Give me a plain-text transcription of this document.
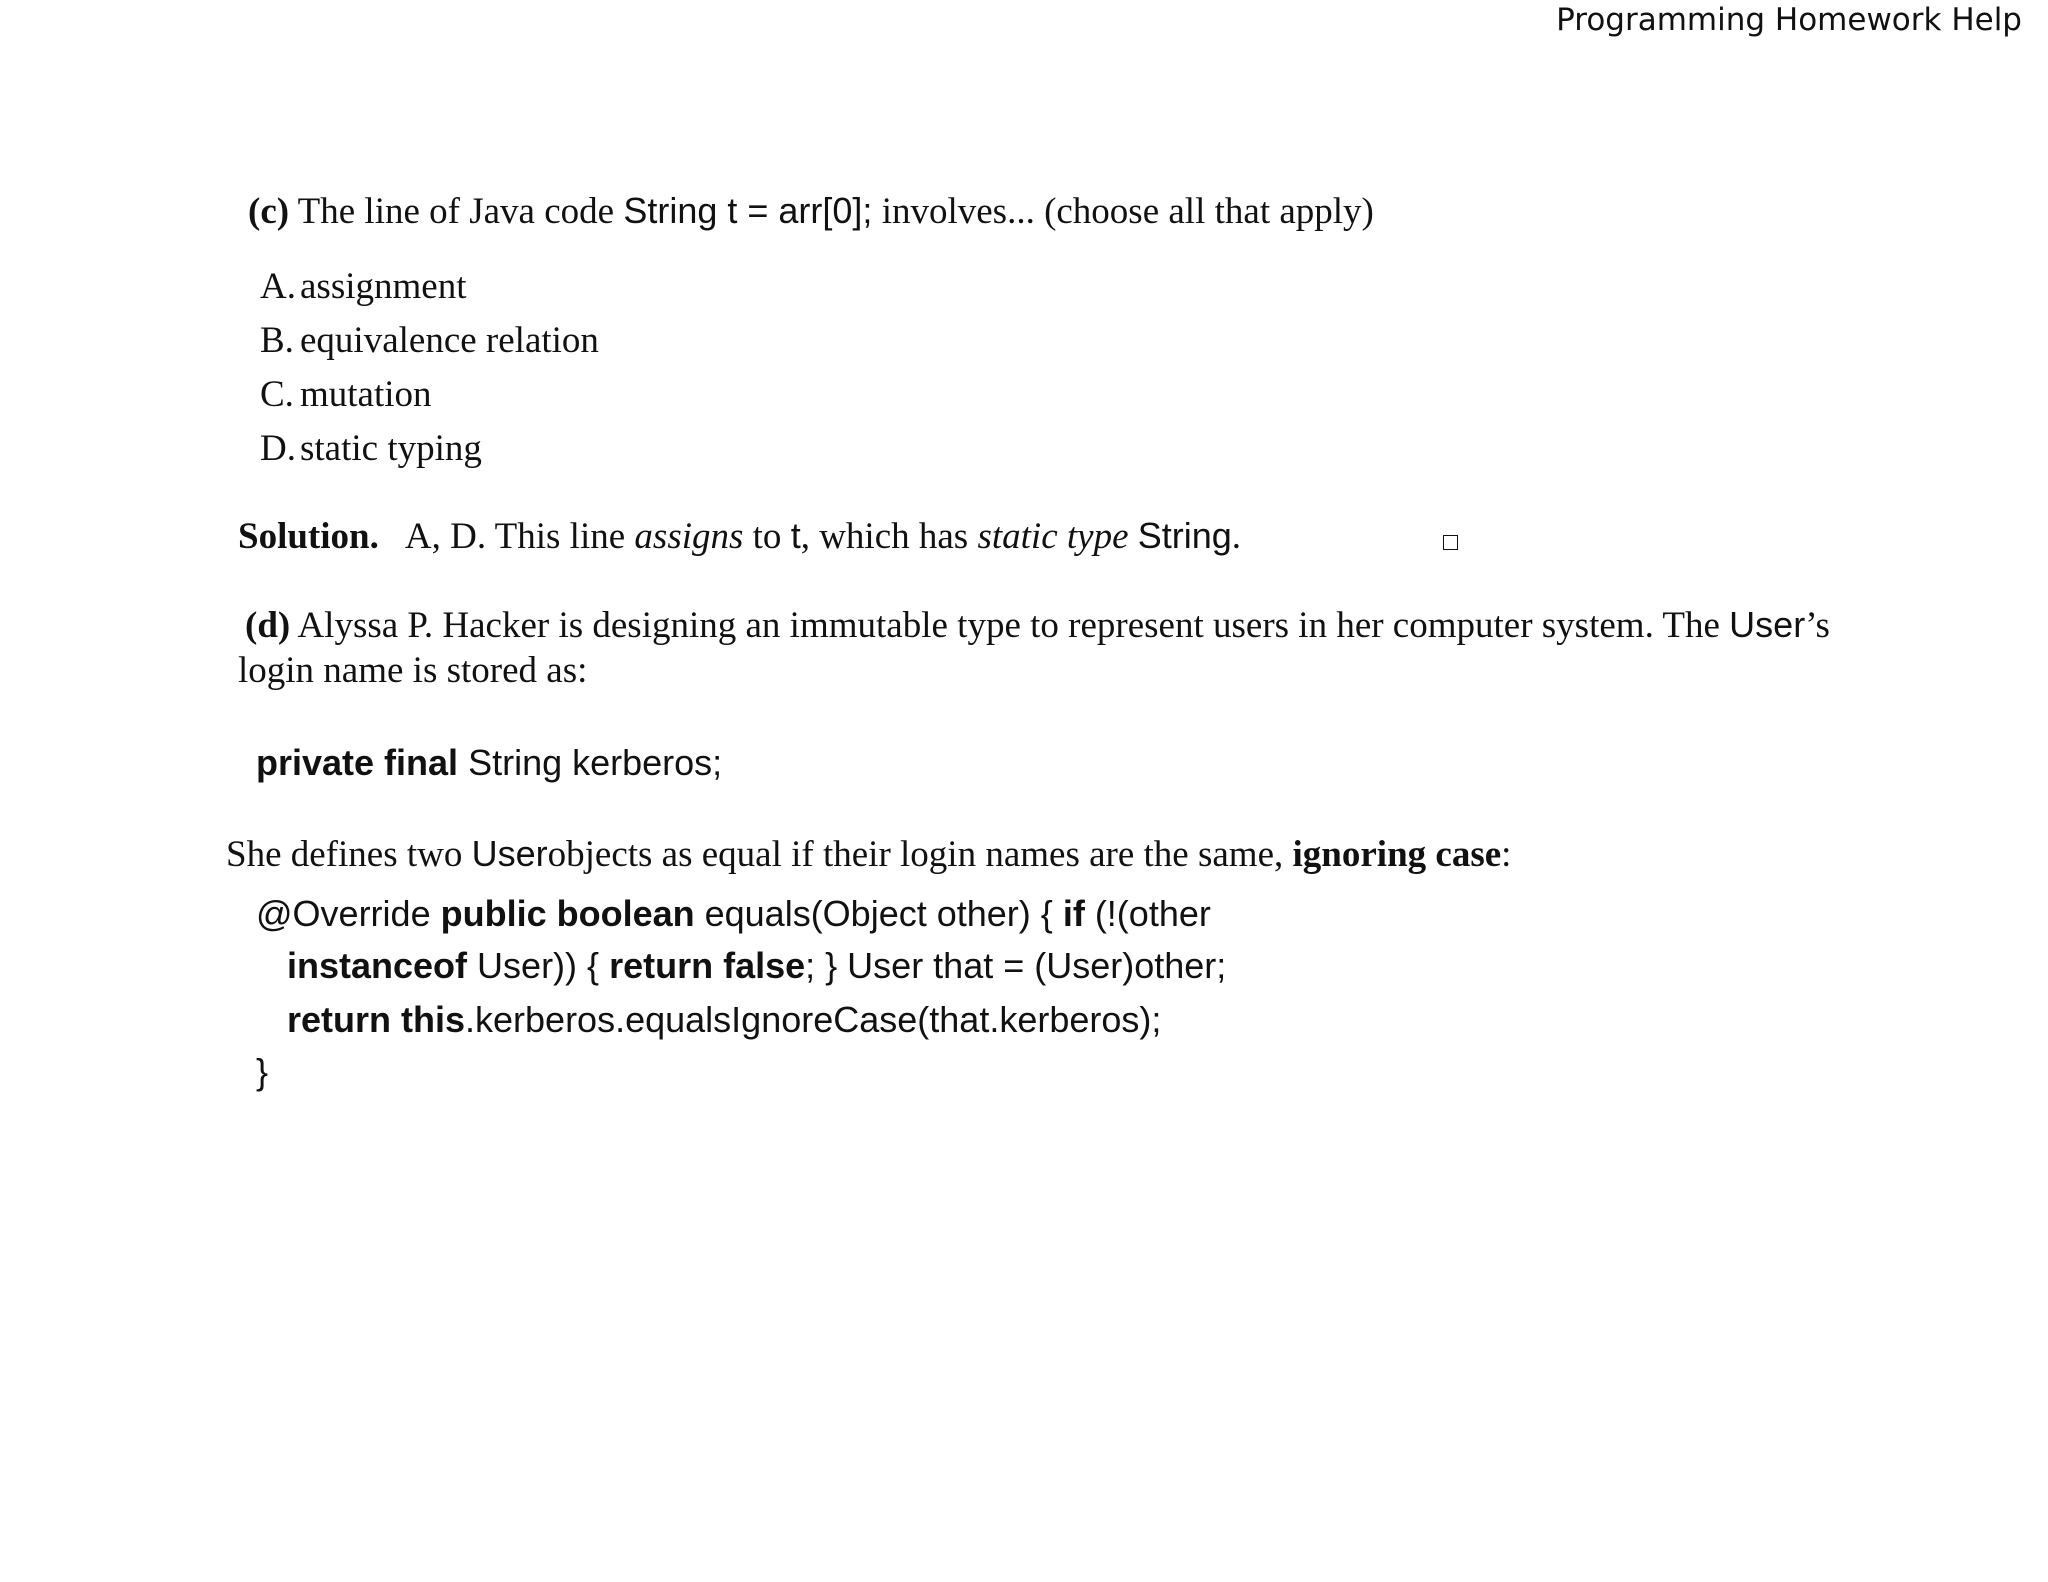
Programming Homework Help
(c) The line of Java code String t = arr[0]; involves... (choose all that apply)
A. assignment
B. equivalence relation
C. mutation
D. static typing
Solution. A, D. This line assigns to t, which has static type String.
(d) Alyssa P. Hacker is designing an immutable type to represent users in her computer system. The User’s
login name is stored as:
private final String kerberos;
She defines two Userobjects as equal if their login names are the same, ignoring case:
@Override public boolean equals(Object other) { if (!(other
instanceof User)) { return false; } User that = (User)other;
return this.kerberos.equalsIgnoreCase(that.kerberos);
}
